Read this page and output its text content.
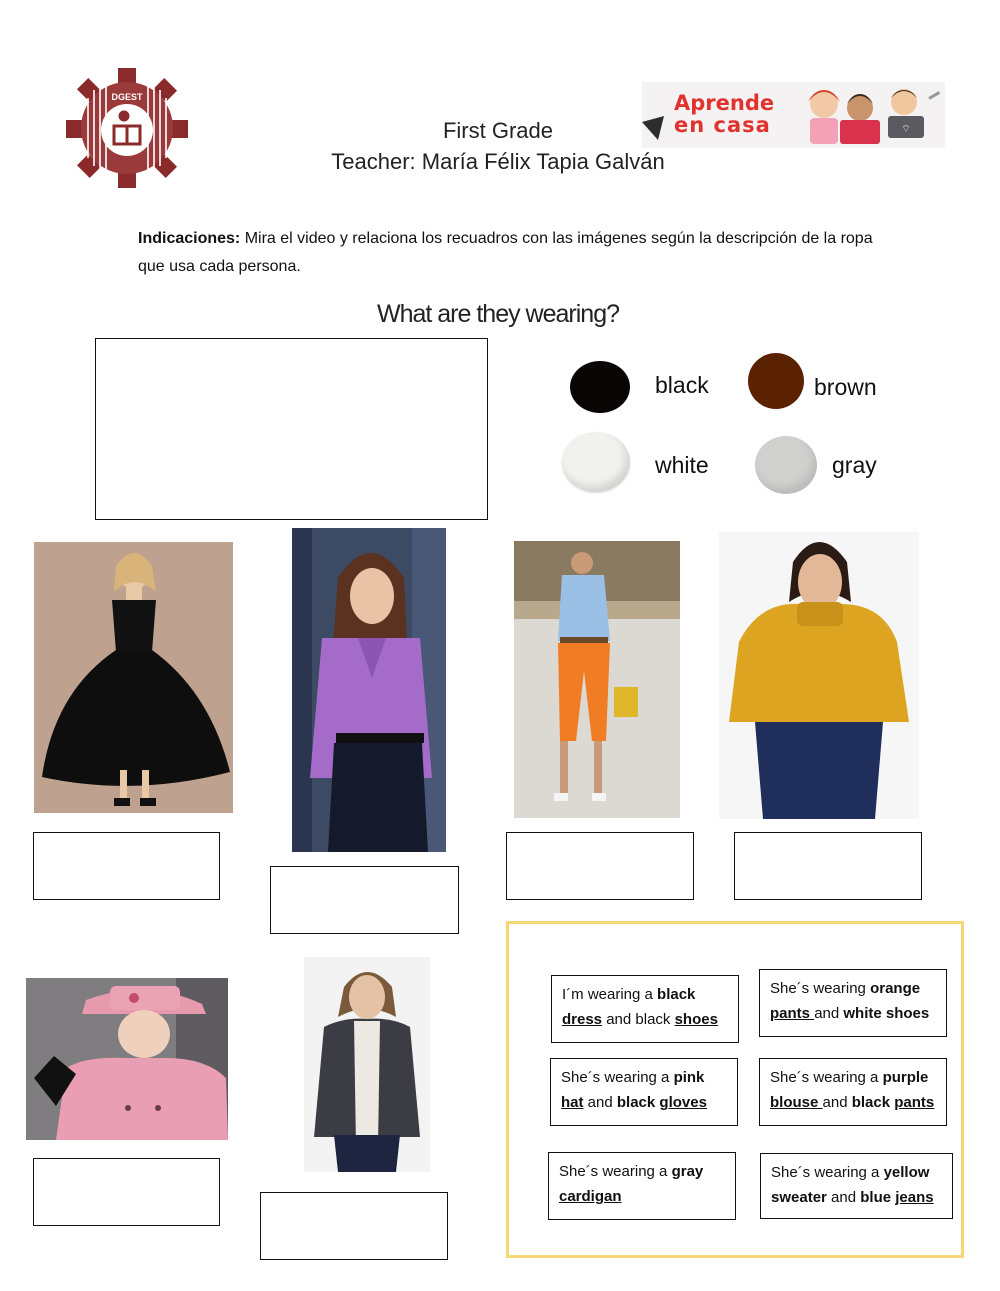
DGEST
First Grade
Teacher: María Félix Tapia Galván
⌔
Aprende
en casa
Indicaciones: Mira el video y relaciona los recuadros con las imágenes según la descripción de la ropa que usa cada persona.
What are they wearing?
black	brown
white	gray
I´m wearing a black
dress and black shoes
She´s wearing orange
pants and white shoes
She´s wearing a pink
hat and black gloves
She´s wearing a purple
blouse and black pants
She´s wearing a gray
cardigan
She´s wearing a yellow
sweater and blue jeans
